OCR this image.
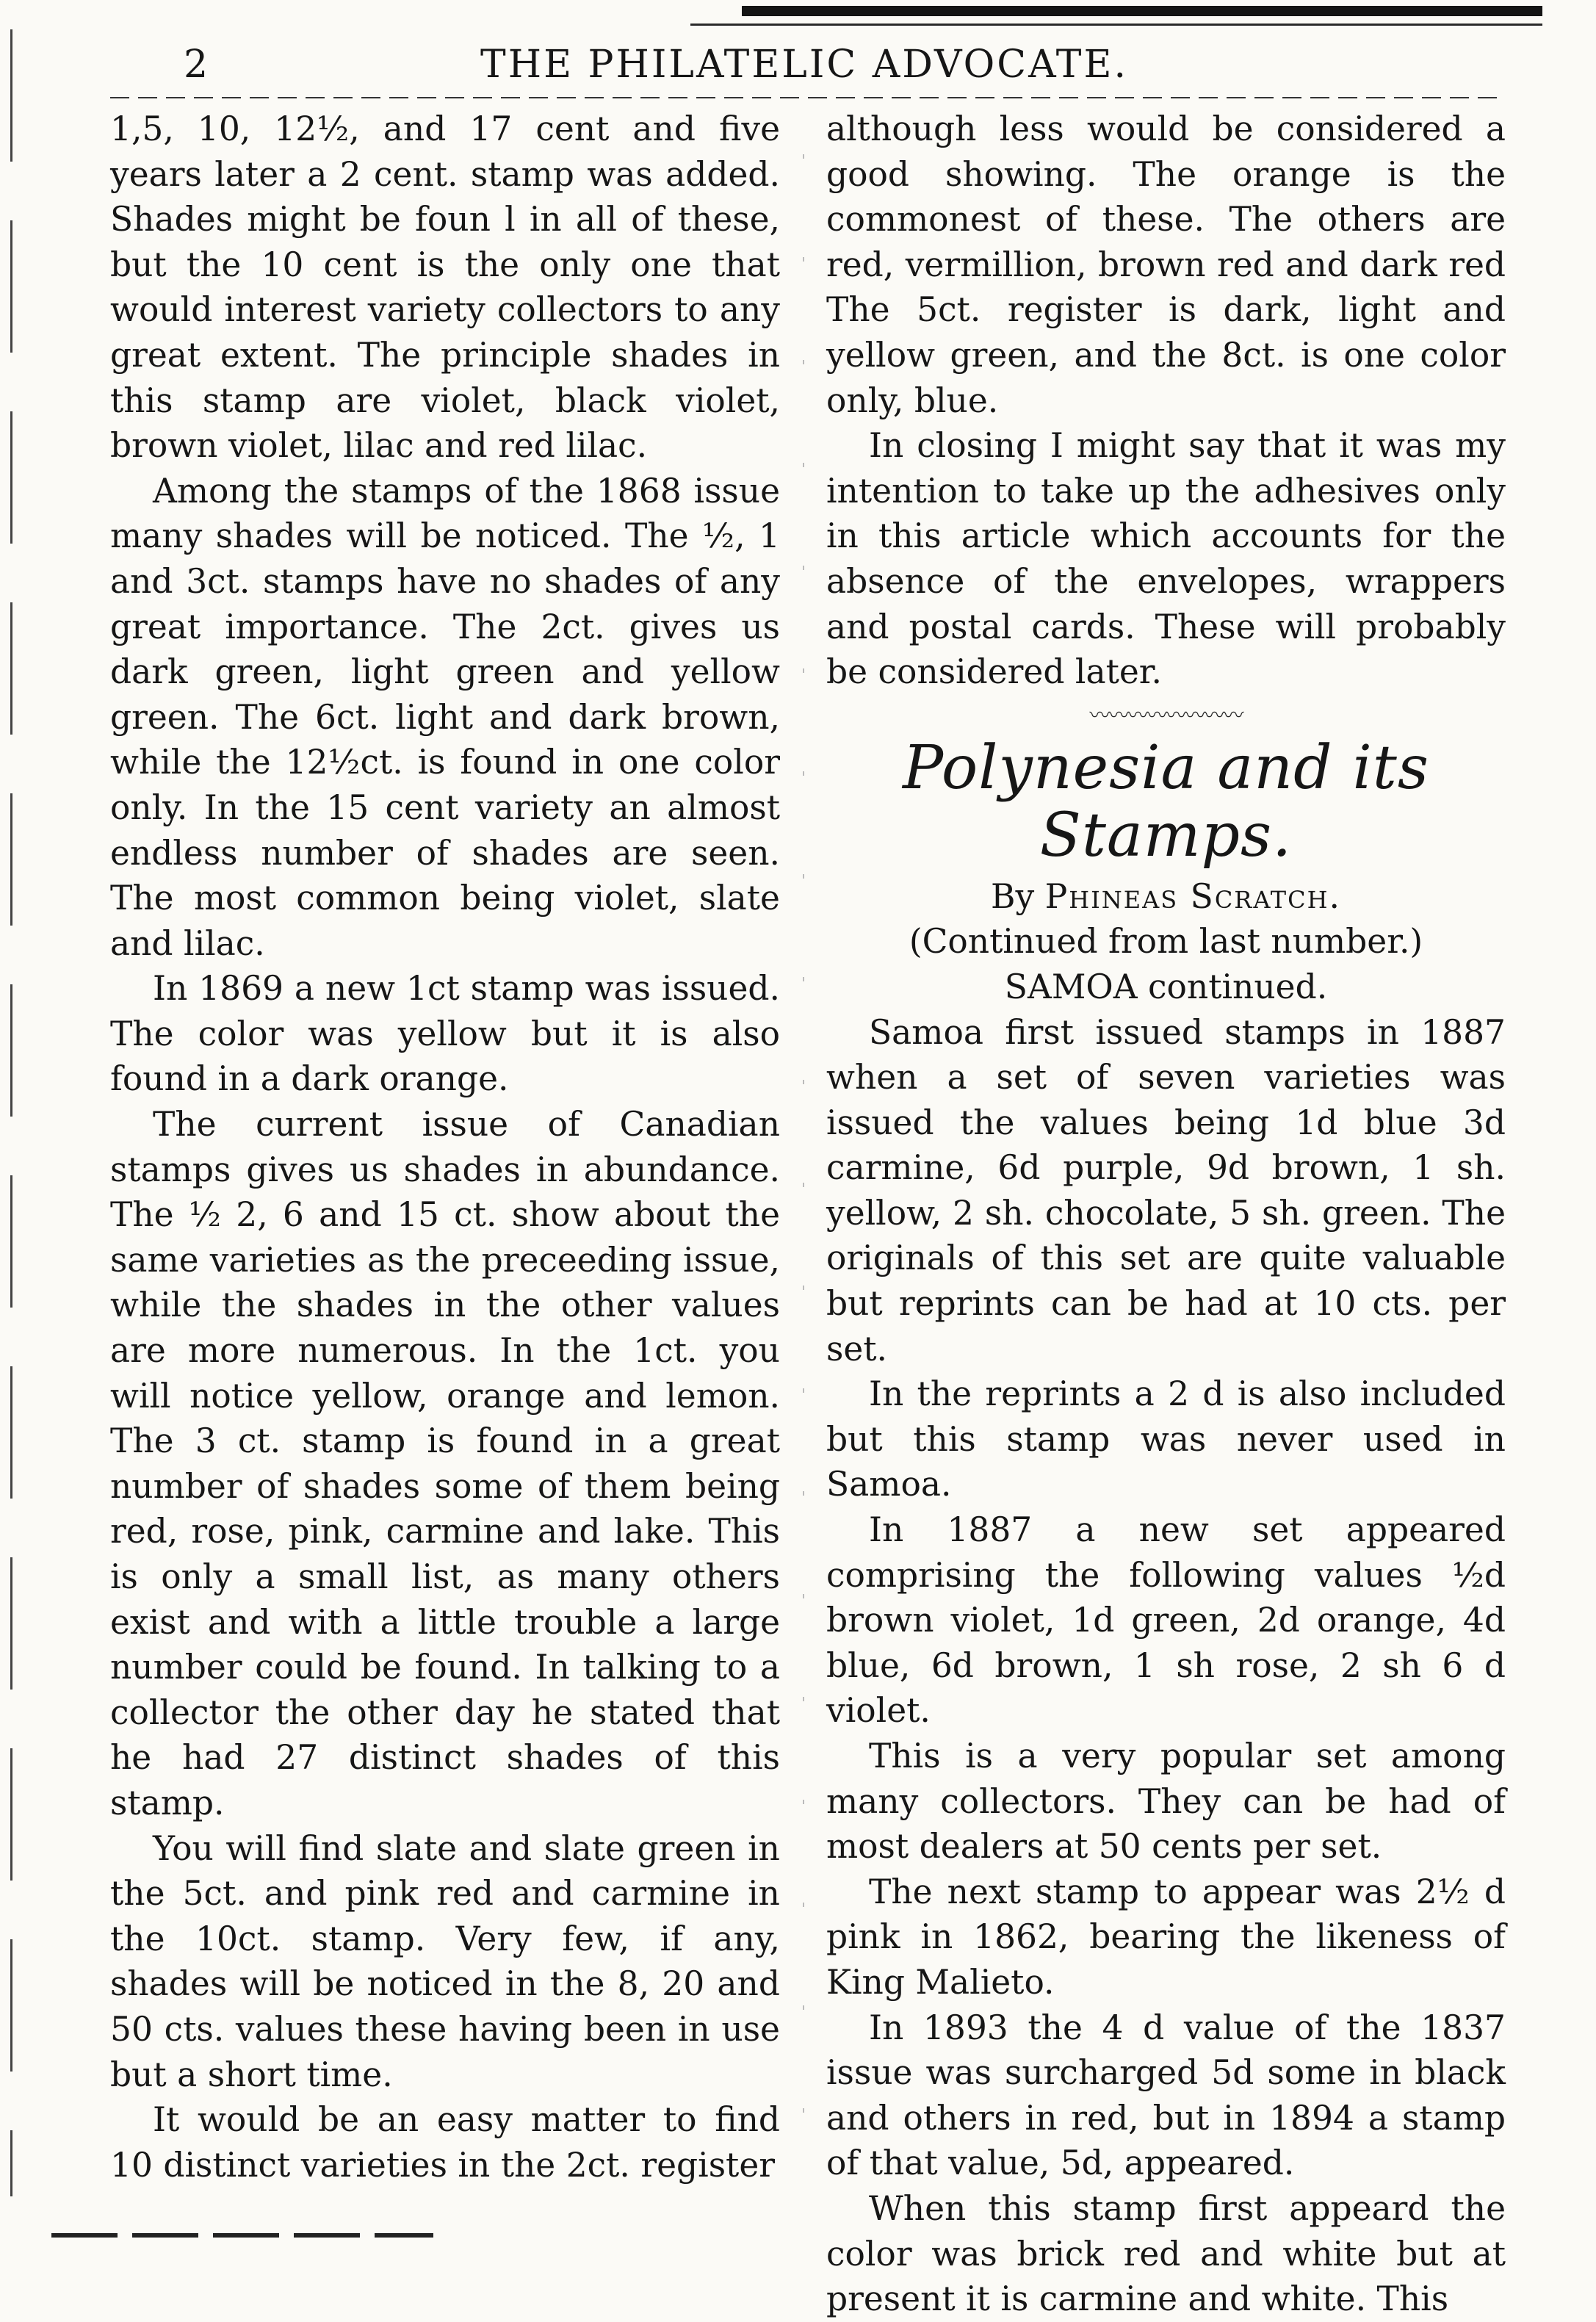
2	THE PHILATELIC ADVOCATE.

1,5, 10, 12½, and 17 cent and five years later a 2 cent. stamp was added. Shades might be foun l in all of these, but the 10 cent is the only one that would interest variety collectors to any great extent. The principle shades in this stamp are violet, black violet, brown violet, lilac and red lilac.

Among the stamps of the 1868 issue many shades will be noticed. The ½, 1 and 3ct. stamps have no shades of any great importance. The 2ct. gives us dark green, light green and yellow green. The 6ct. light and dark brown, while the 12½ct. is found in one color only. In the 15 cent variety an almost endless number of shades are seen. The most common being violet, slate and lilac.

In 1869 a new 1ct stamp was issued. The color was yellow but it is also found in a dark orange.

The current issue of Canadian stamps gives us shades in abundance. The ½ 2, 6 and 15 ct. show about the same varieties as the preceeding issue, while the shades in the other values are more numerous. In the 1ct. you will notice yellow, orange and lemon. The 3 ct. stamp is found in a great number of shades some of them being red, rose, pink, carmine and lake. This is only a small list, as many others exist and with a little trouble a large number could be found. In talking to a collector the other day he stated that he had 27 distinct shades of this stamp.

You will find slate and slate green in the 5ct. and pink red and carmine in the 10ct. stamp. Very few, if any, shades will be noticed in the 8, 20 and 50 cts. values these having been in use but a short time.

It would be an easy matter to find 10 distinct varieties in the 2ct. register

although less would be considered a good showing. The orange is the commonest of these. The others are red, vermillion, brown red and dark red The 5ct. register is dark, light and yellow green, and the 8ct. is one color only, blue.

In closing I might say that it was my intention to take up the adhesives only in this article which accounts for the absence of the envelopes, wrappers and postal cards. These will probably be considered later.

〰〰〰〰〰〰〰〰
Polynesia and its Stamps.

By Phineas Scratch.

(Continued from last number.)

SAMOA continued.

Samoa first issued stamps in 1887 when a set of seven varieties was issued the values being 1d blue 3d carmine, 6d purple, 9d brown, 1 sh. yellow, 2 sh. chocolate, 5 sh. green. The originals of this set are quite valuable but reprints can be had at 10 cts. per set.

In the reprints a 2 d is also included but this stamp was never used in Samoa.

In 1887 a new set appeared comprising the following values ½d brown violet, 1d green, 2d orange, 4d blue, 6d brown, 1 sh rose, 2 sh 6 d violet.

This is a very popular set among many collectors. They can be had of most dealers at 50 cents per set.

The next stamp to appear was 2½ d pink in 1862, bearing the likeness of King Malieto.

In 1893 the 4 d value of the 1837 issue was surcharged 5d some in black and others in red, but in 1894 a stamp of that value, 5d, appeared.

When this stamp first appeard the color was brick red and white but at present it is carmine and white. This
